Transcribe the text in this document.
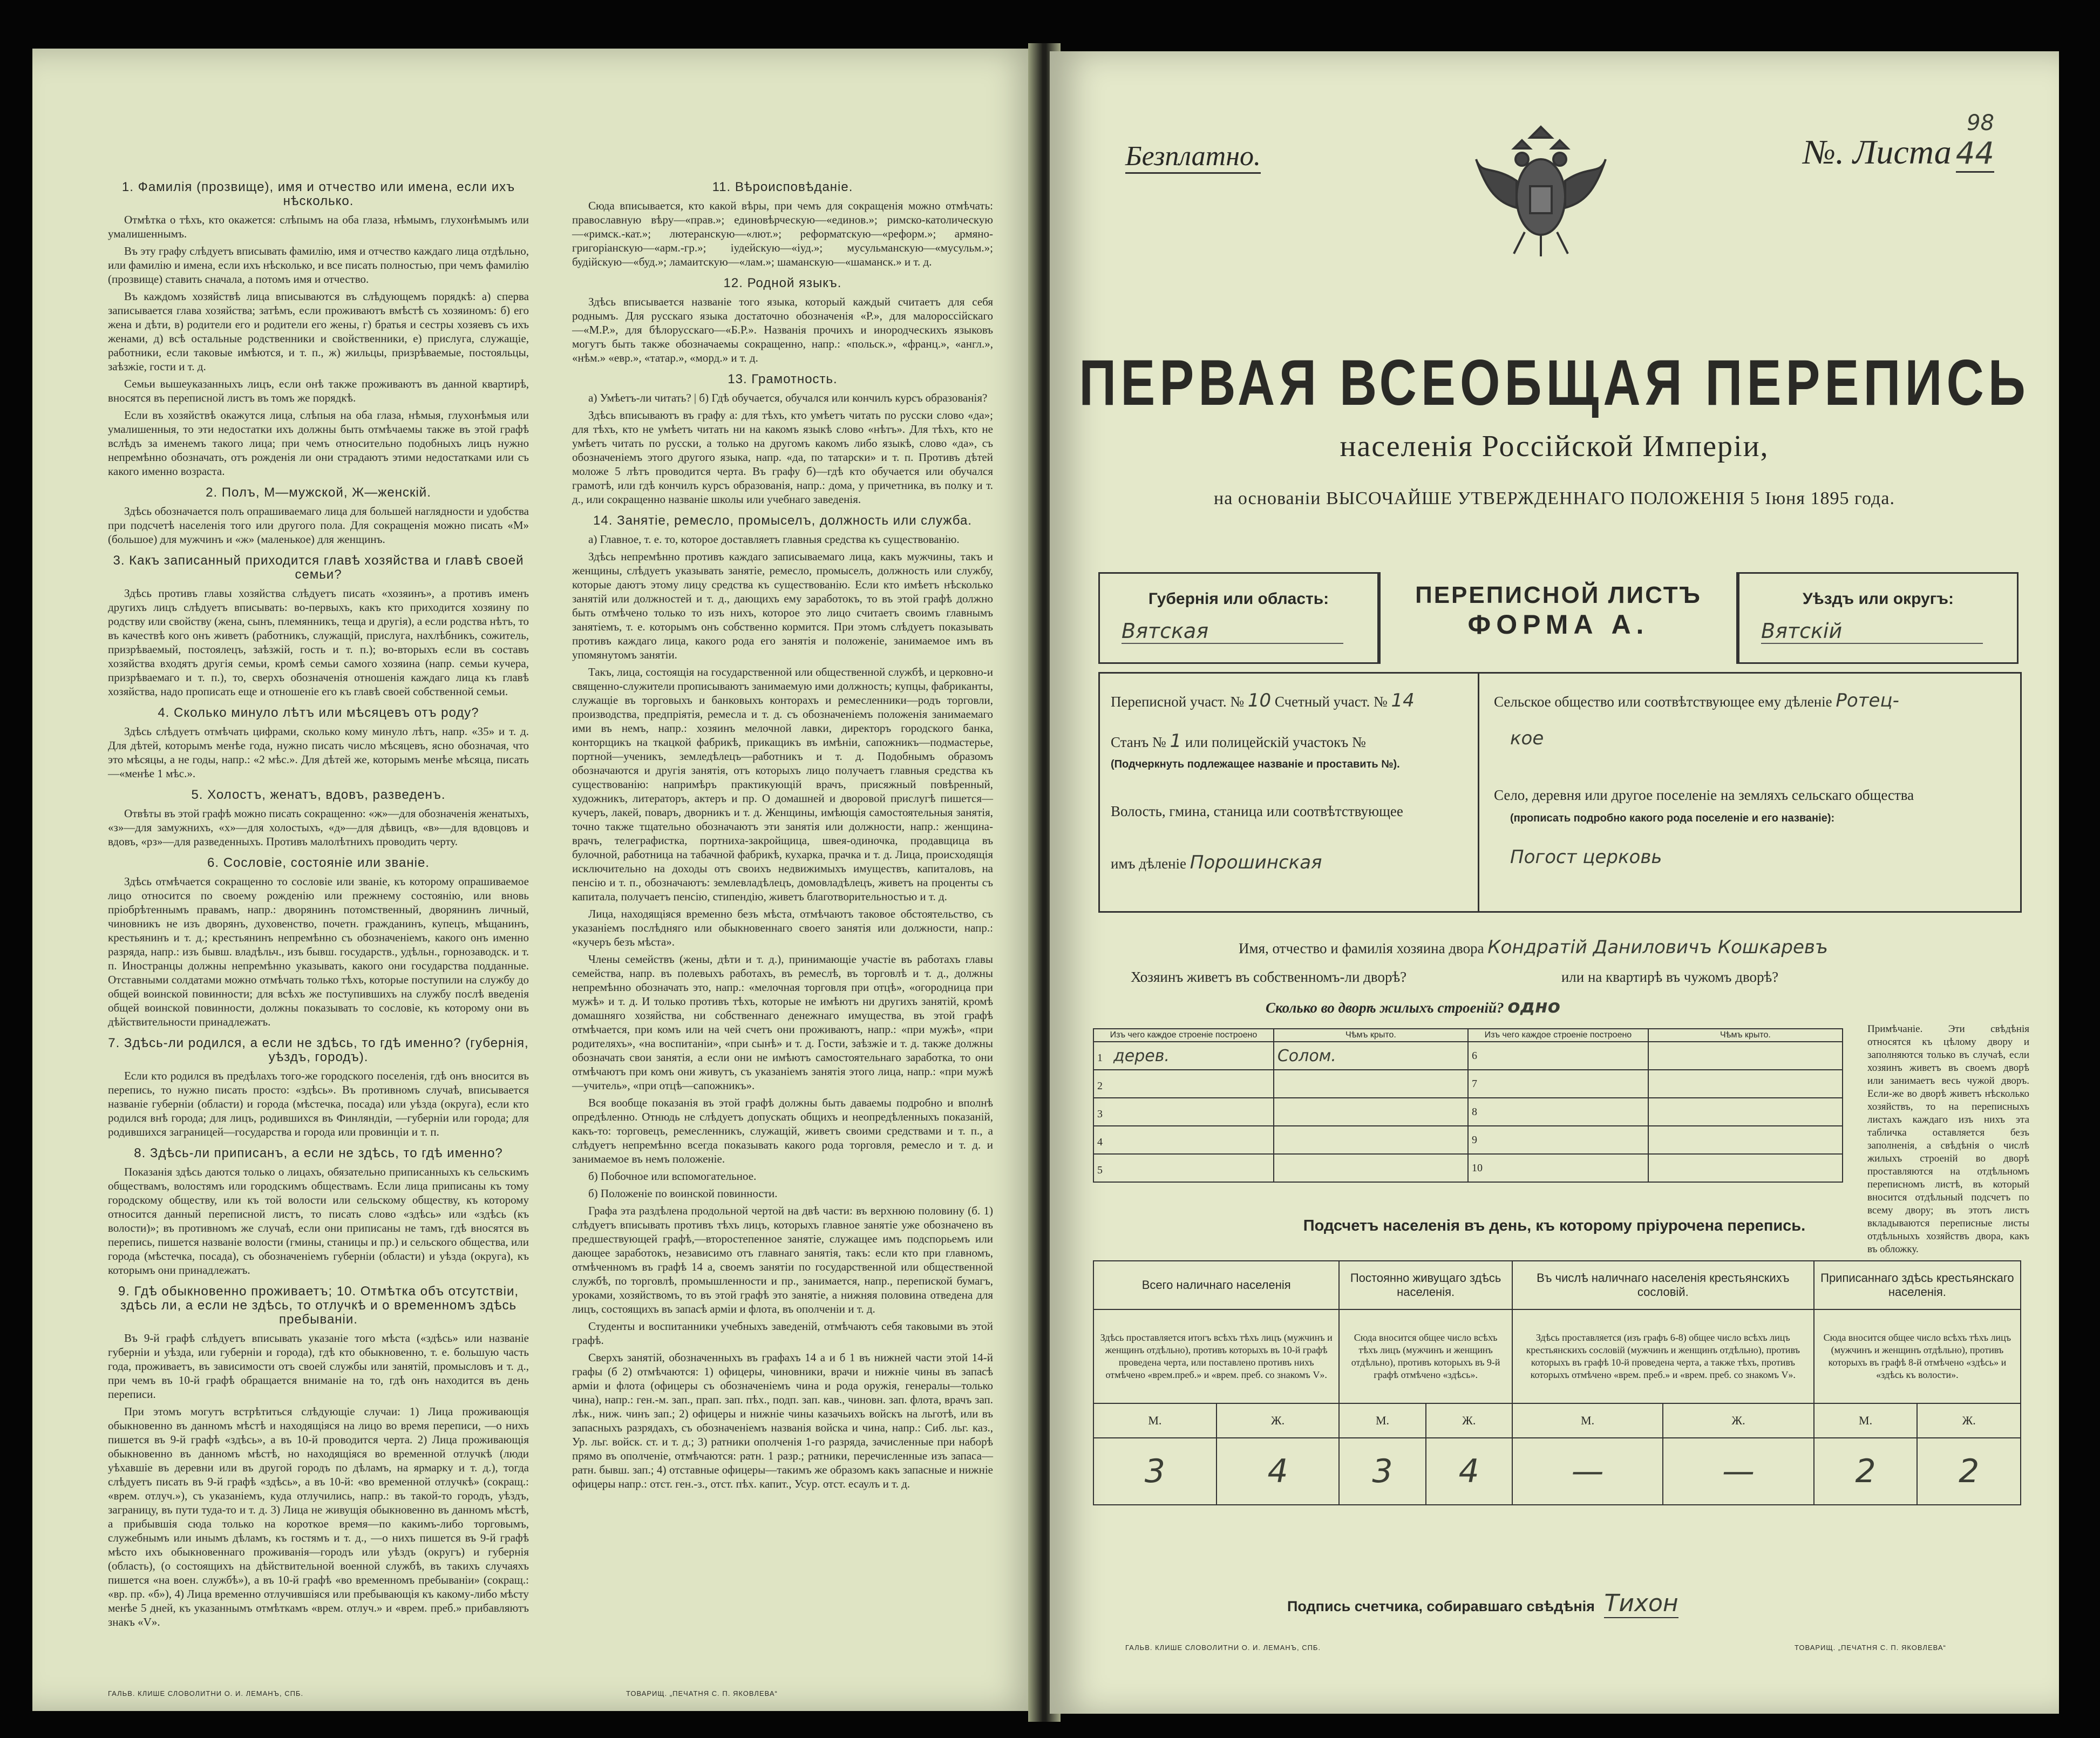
1. Фамилія (прозвище), имя и отчество или имена, если ихъ нѣсколько.
Отмѣтка о тѣхъ, кто окажется: слѣпымъ на оба глаза, нѣмымъ, глухонѣмымъ или умалишеннымъ.
Въ эту графу слѣдуетъ вписывать фамилію, имя и отчество каждаго лица отдѣльно, или фамилію и имена, если ихъ нѣсколько, и все писать полностью, при чемъ фамилію (прозвище) ставить сначала, а потомъ имя и отчество.
Въ каждомъ хозяйствѣ лица вписываются въ слѣдующемъ порядкѣ: а) сперва записывается глава хозяйства; затѣмъ, если проживаютъ вмѣстѣ съ хозяиномъ: б) его жена и дѣти, в) родители его и родители его жены, г) братья и сестры хозяевъ съ ихъ женами, д) всѣ остальные родственники и свойственники, е) прислуга, служащіе, работники, если таковые имѣются, и т. п., ж) жильцы, призрѣваемые, постояльцы, заѣзжіе, гости и т. д.
Семьи вышеуказанныхъ лицъ, если онѣ также проживаютъ въ данной квартирѣ, вносятся въ переписной листъ въ томъ же порядкѣ.
Если въ хозяйствѣ окажутся лица, слѣпыя на оба глаза, нѣмыя, глухонѣмыя или умалишенныя, то эти недостатки ихъ должны быть отмѣчаемы также въ этой графѣ вслѣдъ за именемъ такого лица; при чемъ относительно подобныхъ лицъ нужно непремѣнно обозначать, отъ рожденія ли они страдаютъ этими недостатками или съ какого именно возраста.
2. Полъ, М—мужской, Ж—женскій.
Здѣсь обозначается полъ опрашиваемаго лица для большей наглядности и удобства при подсчетѣ населенія того или другого пола. Для сокращенія можно писать «М» (большое) для мужчинъ и «ж» (маленькое) для женщинъ.
3. Какъ записанный приходится главѣ хозяйства и главѣ своей семьи?
Здѣсь противъ главы хозяйства слѣдуетъ писать «хозяинъ», а противъ именъ другихъ лицъ слѣдуетъ вписывать: во-первыхъ, какъ кто приходится хозяину по родству или свойству (жена, сынъ, племянникъ, теща и другія), а если родства нѣтъ, то въ качествѣ кого онъ живетъ (работникъ, служащій, прислуга, нахлѣбникъ, сожитель, призрѣваемый, постоялецъ, заѣзжій, гость и т. п.); во-вторыхъ если въ составъ хозяйства входятъ другія семьи, кромѣ семьи самого хозяина (напр. семьи кучера, призрѣваемаго и т. п.), то, сверхъ обозначенія отношенія каждаго лица къ главѣ хозяйства, надо прописать еще и отношеніе его къ главѣ своей собственной семьи.
4. Сколько минуло лѣтъ или мѣсяцевъ отъ роду?
Здѣсь слѣдуетъ отмѣчать цифрами, сколько кому минуло лѣтъ, напр. «35» и т. д. Для дѣтей, которымъ менѣе года, нужно писать число мѣсяцевъ, ясно обозначая, что это мѣсяцы, а не годы, напр.: «2 мѣс.». Для дѣтей же, которымъ менѣе мѣсяца, писать—«менѣе 1 мѣс.».
5. Холостъ, женатъ, вдовъ, разведенъ.
Отвѣты въ этой графѣ можно писать сокращенно: «ж»—для обозначенія женатыхъ, «з»—для замужнихъ, «х»—для холостыхъ, «д»—для дѣвицъ, «в»—для вдовцовъ и вдовъ, «рз»—для разведенныхъ. Противъ малолѣтнихъ проводить черту.
6. Сословіе, состояніе или званіе.
Здѣсь отмѣчается сокращенно то сословіе или званіе, къ которому опрашиваемое лицо относится по своему рожденію или прежнему состоянію, или вновь пріобрѣтеннымъ правамъ, напр.: дворянинъ потомственный, дворянинъ личный, чиновникъ не изъ дворянъ, духовенство, почетн. гражданинъ, купецъ, мѣщанинъ, крестьянинъ и т. д.; крестьянинъ непремѣнно съ обозначеніемъ, какого онъ именно разряда, напр.: изъ бывш. владѣльч., изъ бывш. государств., удѣльн., горнозаводск. и т. п. Иностранцы должны непремѣнно указывать, какого они государства подданные. Отставными солдатами можно отмѣчать только тѣхъ, которые поступили на службу до общей воинской повинности; для всѣхъ же поступившихъ на службу послѣ введенія общей воинской повинности, должны показывать то сословіе, къ которому они въ дѣйствительности принадлежатъ.
7. Здѣсь-ли родился, а если не здѣсь, то гдѣ именно? (губернія, уѣздъ, городъ).
Если кто родился въ предѣлахъ того-же городского поселенія, гдѣ онъ вносится въ перепись, то нужно писать просто: «здѣсь». Въ противномъ случаѣ, вписывается названіе губерніи (области) и города (мѣстечка, посада) или уѣзда (округа), если кто родился внѣ города; для лицъ, родившихся въ Финляндіи, —губерніи или города; для родившихся заграницей—государства и города или провинціи и т. п.
8. Здѣсь-ли приписанъ, а если не здѣсь, то гдѣ именно?
Показанія здѣсь даются только о лицахъ, обязательно приписанныхъ къ сельскимъ обществамъ, волостямъ или городскимъ обществамъ. Если лица приписаны къ тому городскому обществу, или къ той волости или сельскому обществу, къ которому относится данный переписной листъ, то писать слово «здѣсь» или «здѣсь (къ волости)»; въ противномъ же случаѣ, если они приписаны не тамъ, гдѣ вносятся въ перепись, пишется названіе волости (гмины, станицы и пр.) и сельского общества, или города (мѣстечка, посада), съ обозначеніемъ губерніи (области) и уѣзда (округа), къ которымъ они принадлежатъ.
9. Гдѣ обыкновенно проживаетъ; 10. Отмѣтка объ отсутствіи, здѣсь ли, а если не здѣсь, то отлучкѣ и о временномъ здѣсь пребываніи.
Въ 9-й графѣ слѣдуетъ вписывать указаніе того мѣста («здѣсь» или названіе губерніи и уѣзда, или губерніи и города), гдѣ кто обыкновенно, т. е. большую часть года, проживаетъ, въ зависимости отъ своей службы или занятій, промысловъ и т. д., при чемъ въ 10-й графѣ обращается вниманіе на то, гдѣ онъ находится въ день переписи.
При этомъ могутъ встрѣтиться слѣдующіе случаи: 1) Лица проживающія обыкновенно въ данномъ мѣстѣ и находящіяся на лицо во время переписи, —о нихъ пишется въ 9-й графѣ «здѣсь», а въ 10-й проводится черта. 2) Лица проживающія обыкновенно въ данномъ мѣстѣ, но находящіяся во временной отлучкѣ (люди уѣхавшіе въ деревни или въ другой городъ по дѣламъ, на ярмарку и т. д.), тогда слѣдуетъ писать въ 9-й графѣ «здѣсь», а въ 10-й: «во временной отлучкѣ» (сокращ.: «врем. отлуч.»), съ указаніемъ, куда отлучились, напр.: въ такой-то городъ, уѣздъ, заграницу, въ пути туда-то и т. д. 3) Лица не живущія обыкновенно въ данномъ мѣстѣ, а прибывшія сюда только на короткое время—по какимъ-либо торговымъ, служебнымъ или инымъ дѣламъ, къ гостямъ и т. д., —о нихъ пишется въ 9-й графѣ мѣсто ихъ обыкновеннаго проживанія—городъ или уѣздъ (округъ) и губернія (область), (о состоящихъ на дѣйствительной военной службѣ, въ такихъ случаяхъ пишется «на воен. службѣ»), а въ 10-й графѣ «во временномъ пребываніи» (сокращ.: «вр. пр. «б»), 4) Лица временно отлучившіяся или пребывающія къ какому-либо мѣсту менѣе 5 дней, къ указаннымъ отмѣткамъ «врем. отлуч.» и «врем. преб.» прибавляютъ знакъ «V».
11. Вѣроисповѣданіе.
Сюда вписывается, кто какой вѣры, при чемъ для сокращенія можно отмѣчать: православную вѣру—«прав.»; единовѣрческую—«единов.»; римско-католическую—«римск.-кат.»; лютеранскую—«лют.»; реформатскую—«реформ.»; армяно-григоріанскую—«арм.-гр.»; іудейскую—«іуд.»; мусульманскую—«мусульм.»; будійскую—«буд.»; ламаитскую—«лам.»; шаманскую—«шаманск.» и т. д.
12. Родной языкъ.
Здѣсь вписывается названіе того языка, который каждый считаетъ для себя роднымъ. Для русскаго языка достаточно обозначенія «Р.», для малороссійскаго—«М.Р.», для бѣлорусскаго—«Б.Р.». Названія прочихъ и инородческихъ языковъ могутъ быть также обозначаемы сокращенно, напр.: «польск.», «франц.», «англ.», «нѣм.» «евр.», «татар.», «морд.» и т. д.
13. Грамотность.
а) Умѣетъ-ли читать? | б) Гдѣ обучается, обучался или кончилъ курсъ образованія?
Здѣсь вписываютъ въ графу а: для тѣхъ, кто умѣетъ читать по русски слово «да»; для тѣхъ, кто не умѣетъ читать ни на какомъ языкѣ слово «нѣтъ». Для тѣхъ, кто не умѣетъ читать по русски, а только на другомъ какомъ либо языкѣ, слово «да», съ обозначеніемъ этого другого языка, напр. «да, по татарски» и т. п. Противъ дѣтей моложе 5 лѣтъ проводится черта. Въ графу б)—гдѣ кто обучается или обучался грамотѣ, или гдѣ кончилъ курсъ образованія, напр.: дома, у причетника, въ полку и т. д., или сокращенно названіе школы или учебнаго заведенія.
14. Занятіе, ремесло, промыселъ, должность или служба.
а) Главное, т. е. то, которое доставляетъ главныя средства къ существованію.
Здѣсь непремѣнно противъ каждаго записываемаго лица, какъ мужчины, такъ и женщины, слѣдуетъ указывать занятіе, ремесло, промыселъ, должность или службу, которые даютъ этому лицу средства къ существованію. Если кто имѣетъ нѣсколько занятій или должностей и т. д., дающихъ ему заработокъ, то въ этой графѣ должно быть отмѣчено только то изъ нихъ, которое это лицо считаетъ своимъ главнымъ занятіемъ, т. е. которымъ онъ собственно кормится. При этомъ слѣдуетъ показывать противъ каждаго лица, какого рода его занятія и положеніе, занимаемое имъ въ упомянутомъ занятіи.
Такъ, лица, состоящія на государственной или общественной службѣ, и церковно-и священно-служители прописываютъ занимаемую ими должность; купцы, фабриканты, служащіе въ торговыхъ и банковыхъ конторахъ и ремесленники—родъ торговли, производства, предпріятія, ремесла и т. д. съ обозначеніемъ положенія занимаемаго ими въ немъ, напр.: хозяинъ мелочной лавки, директоръ городского банка, конторщикъ на ткацкой фабрикѣ, прикащикъ въ имѣніи, сапожникъ—подмастерье, портной—ученикъ, земледѣлецъ—работникъ и т. д. Подобнымъ образомъ обозначаются и другія занятія, отъ которыхъ лицо получаетъ главныя средства къ существованію: напримѣръ практикующій врачъ, присяжный повѣренный, художникъ, литераторъ, актеръ и пр. О домашней и дворовой прислугѣ пишется—кучеръ, лакей, поваръ, дворникъ и т. д. Женщины, имѣющія самостоятельныя занятія, точно также тщательно обозначаютъ эти занятія или должности, напр.: женщина-врачъ, телеграфистка, портниха-закройщица, швея-одиночка, продавщица въ булочной, работница на табачной фабрикѣ, кухарка, прачка и т. д. Лица, происходящія исключительно на доходы отъ своихъ недвижимыхъ имуществъ, капиталовъ, на пенсію и т. п., обозначаютъ: землевладѣлецъ, домовладѣлецъ, живетъ на проценты съ капитала, получаетъ пенсію, стипендію, живетъ благотворительностью и т. д.
Лица, находящіяся временно безъ мѣста, отмѣчаютъ таковое обстоятельство, съ указаніемъ послѣдняго или обыкновеннаго своего занятія или должности, напр.: «кучеръ безъ мѣста».
Члены семействъ (жены, дѣти и т. д.), принимающіе участіе въ работахъ главы семейства, напр. въ полевыхъ работахъ, въ ремеслѣ, въ торговлѣ и т. д., должны непремѣнно обозначать это, напр.: «мелочная торговля при отцѣ», «огородница при мужѣ» и т. д. И только противъ тѣхъ, которые не имѣютъ ни другихъ занятій, кромѣ домашняго хозяйства, ни собственнаго денежнаго имущества, въ этой графѣ отмѣчается, при комъ или на чей счетъ они проживаютъ, напр.: «при мужѣ», «при родителяхъ», «на воспитаніи», «при сынѣ» и т. д. Гости, заѣзжіе и т. д. также должны обозначать свои занятія, а если они не имѣютъ самостоятельнаго заработка, то они отмѣчаютъ при комъ они живутъ, съ указаніемъ занятія этого лица, напр.: «при мужѣ—учитель», «при отцѣ—сапожникъ».
Вся вообще показанія въ этой графѣ должны быть даваемы подробно и вполнѣ опредѣленно. Отнюдь не слѣдуетъ допускать общихъ и неопредѣленныхъ показаній, какъ-то: торговецъ, ремесленникъ, служащій, живетъ своими средствами и т. п., а слѣдуетъ непремѣнно всегда показывать какого рода торговля, ремесло и т. д. и занимаемое въ немъ положеніе.
б) Побочное или вспомогательное.
б) Положеніе по воинской повинности.
Графа эта раздѣлена продольной чертой на двѣ части: въ верхнюю половину (б. 1) слѣдуетъ вписывать противъ тѣхъ лицъ, которыхъ главное занятіе уже обозначено въ предшествующей графѣ,—второстепенное занятіе, служащее имъ подспорьемъ или дающее заработокъ, независимо отъ главнаго занятія, такъ: если кто при главномъ, отмѣченномъ въ графѣ 14 а, своемъ занятіи по государственной или общественной службѣ, по торговлѣ, промышленности и пр., занимается, напр., перепиской бумагъ, уроками, хозяйствомъ, то въ этой графѣ это занятіе, а нижняя половина отведена для лицъ, состоящихъ въ запасѣ арміи и флота, въ ополченіи и т. д.
Студенты и воспитанники учебныхъ заведеній, отмѣчаютъ себя таковыми въ этой графѣ.
Сверхъ занятій, обозначенныхъ въ графахъ 14 а и б 1 въ нижней части этой 14-й графы (б 2) отмѣчаются: 1) офицеры, чиновники, врачи и нижніе чины въ запасѣ арміи и флота (офицеры съ обозначеніемъ чина и рода оружія, генералы—только чина), напр.: ген.-м. зап., прап. зап. пѣх., подп. зап. кав., чиновн. зап. флота, врачъ зап. лѣк., ниж. чинъ зап.; 2) офицеры и нижніе чины казачьихъ войскъ на льготѣ, или въ запасныхъ разрядахъ, съ обозначеніемъ названія войска и чина, напр.: Сиб. льг. каз., Ур. льг. войск. ст. и т. д.; 3) ратники ополченія 1-го разряда, зачисленные при наборѣ прямо въ ополченіе, отмѣчаются: ратн. 1 разр.; ратники, перечисленные изъ запаса—ратн. бывш. зап.; 4) отставные офицеры—такимъ же образомъ какъ запасные и нижніе офицеры напр.: отст. ген.-з., отст. пѣх. капит., Усур. отст. есаулъ и т. д.
ГАЛЬВ. КЛИШЕ СЛОВОЛИТНИ О. И. ЛЕМАНЪ, СПБ.	ТОВАРИЩ. „ПЕЧАТНЯ С. П. ЯКОВЛЕВА“
Безплатно.	№. Листа 44
98
ПЕРВАЯ ВСЕОБЩАЯ ПЕРЕПИСЬ
населенія Россійской Имперіи,
на основаніи ВЫСОЧАЙШЕ УТВЕРЖДЕННАГО ПОЛОЖЕНІЯ 5 Іюня 1895 года.
Губернія или область:
Вятская
ПЕРЕПИСНОЙ ЛИСТЪ
ФОРМА А.
Уѣздъ или округъ:
Вятскій
Переписной участ. № 10 Счетный участ. № 14
Станъ № 1 или полицейскій участокъ №
(Подчеркнуть подлежащее названіе и проставить №).
Волость, гмина, станица или соотвѣтствующее
имъ дѣленіе Порошинская
Сельское общество или соотвѣтствующее ему дѣленіе Ротец-
кое
Село, деревня или другое поселеніе на земляхъ сельскаго общества
(прописать подробно какого рода поселеніе и его названіе):
Погост церковь
Имя, отчество и фамилія хозяина двора Кондратій Даниловичъ Кошкаревъ
Хозяинъ живетъ въ собственномъ-ли дворѣ?	или на квартирѣ въ чужомъ дворѣ?
Сколько во дворѣ жилыхъ строеній? одно
Изъ чего каждое строеніе построено	Чѣмъ крыто.	Изъ чего каждое строеніе построено	Чѣмъ крыто.
1 дерев.	Солом.	6	
2		7	
3		8	
4		9	
5		10	
Примѣчаніе. Эти свѣдѣнія относятся къ цѣлому двору и заполняются только въ случаѣ, если хозяинъ живетъ въ своемъ дворѣ или занимаетъ весь чужой дворъ. Если-же во дворѣ живетъ нѣсколько хозяйствъ, то на переписныхъ листахъ каждаго изъ нихъ эта табличка оставляется безъ заполненія, а свѣдѣнія о числѣ жилыхъ строеній во дворѣ проставляются на отдѣльномъ переписномъ листѣ, въ который вносится отдѣльный подсчетъ по всему двору; въ этотъ листъ вкладываются переписные листы отдѣльныхъ хозяйствъ двора, какъ въ обложку.
Подсчетъ населенія въ день, къ которому пріурочена перепись.
Всего наличнаго населенія		Постоянно живущаго здѣсь населенія.		Въ числѣ наличнаго населенія крестьянскихъ сословій.		Приписаннаго здѣсь крестьянскаго населенія.	
Здѣсь проставляется итогъ всѣхъ тѣхъ лицъ (мужчинъ и женщинъ отдѣльно), противъ которыхъ въ 10-й графѣ проведена черта, или поставлено противъ нихъ отмѣчено «врем.преб.» и «врем. преб. со знакомъ V».		Сюда вносится общее число всѣхъ тѣхъ лицъ (мужчинъ и женщинъ отдѣльно), противъ которыхъ въ 9-й графѣ отмѣчено «здѣсь».		Здѣсь проставляется (изъ графъ 6-8) общее число всѣхъ лицъ крестьянскихъ сословій (мужчинъ и женщинъ отдѣльно), противъ которыхъ въ графѣ 10-й проведена черта, а также тѣхъ, противъ которыхъ отмѣчено «врем. преб.» и «врем. преб. со знакомъ V».		Сюда вносится общее число всѣхъ тѣхъ лицъ (мужчинъ и женщинъ отдѣльно), противъ которыхъ въ графѣ 8-й отмѣчено «здѣсь» и «здѣсь къ волости».	
М.	Ж.	М.	Ж.	М.	Ж.	М.	Ж.
3	4	3	4	—	—	2	2
Подпись счетчика, собиравшаго свѣдѣнія Тихон
ГАЛЬВ. КЛИШЕ СЛОВОЛИТНИ О. И. ЛЕМАНЪ, СПБ.	ТОВАРИЩ. „ПЕЧАТНЯ С. П. ЯКОВЛЕВА“
